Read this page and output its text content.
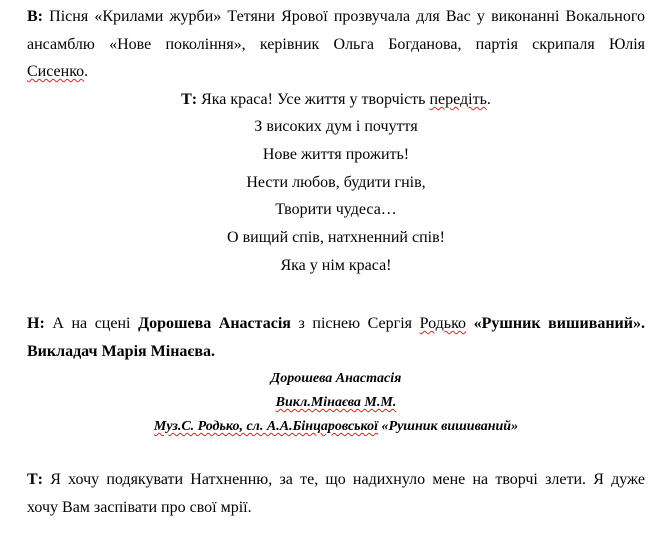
В: Пісня «Крилами журби» Тетяни Ярової прозвучала для Вас у виконанні Вокального
ансамблю «Нове покоління», керівник Ольга Богданова, партія скрипаля Юлія
Сисенко.
Т: Яка краса! Усе життя у творчість передіть.
З високих дум і почуття
Нове життя прожить!
Нести любов, будити гнів,
Творити чудеса…
О вищий спів, натхненний спів!
Яка у нім краса!
Н: А на сцені Дорошева Анастасія з піснею Сергія Родько «Рушник вишиваний».
Викладач Марія Мінаєва.
Дорошева Анастасія
Викл.Мінаєва М.М.
Муз.С. Родько, сл. А.А.Бінцаровської «Рушник вишиваний»
Т: Я хочу подякувати Натхненню, за те, що надихнуло мене на творчі злети. Я дуже
хочу Вам заспівати про свої мрії.
